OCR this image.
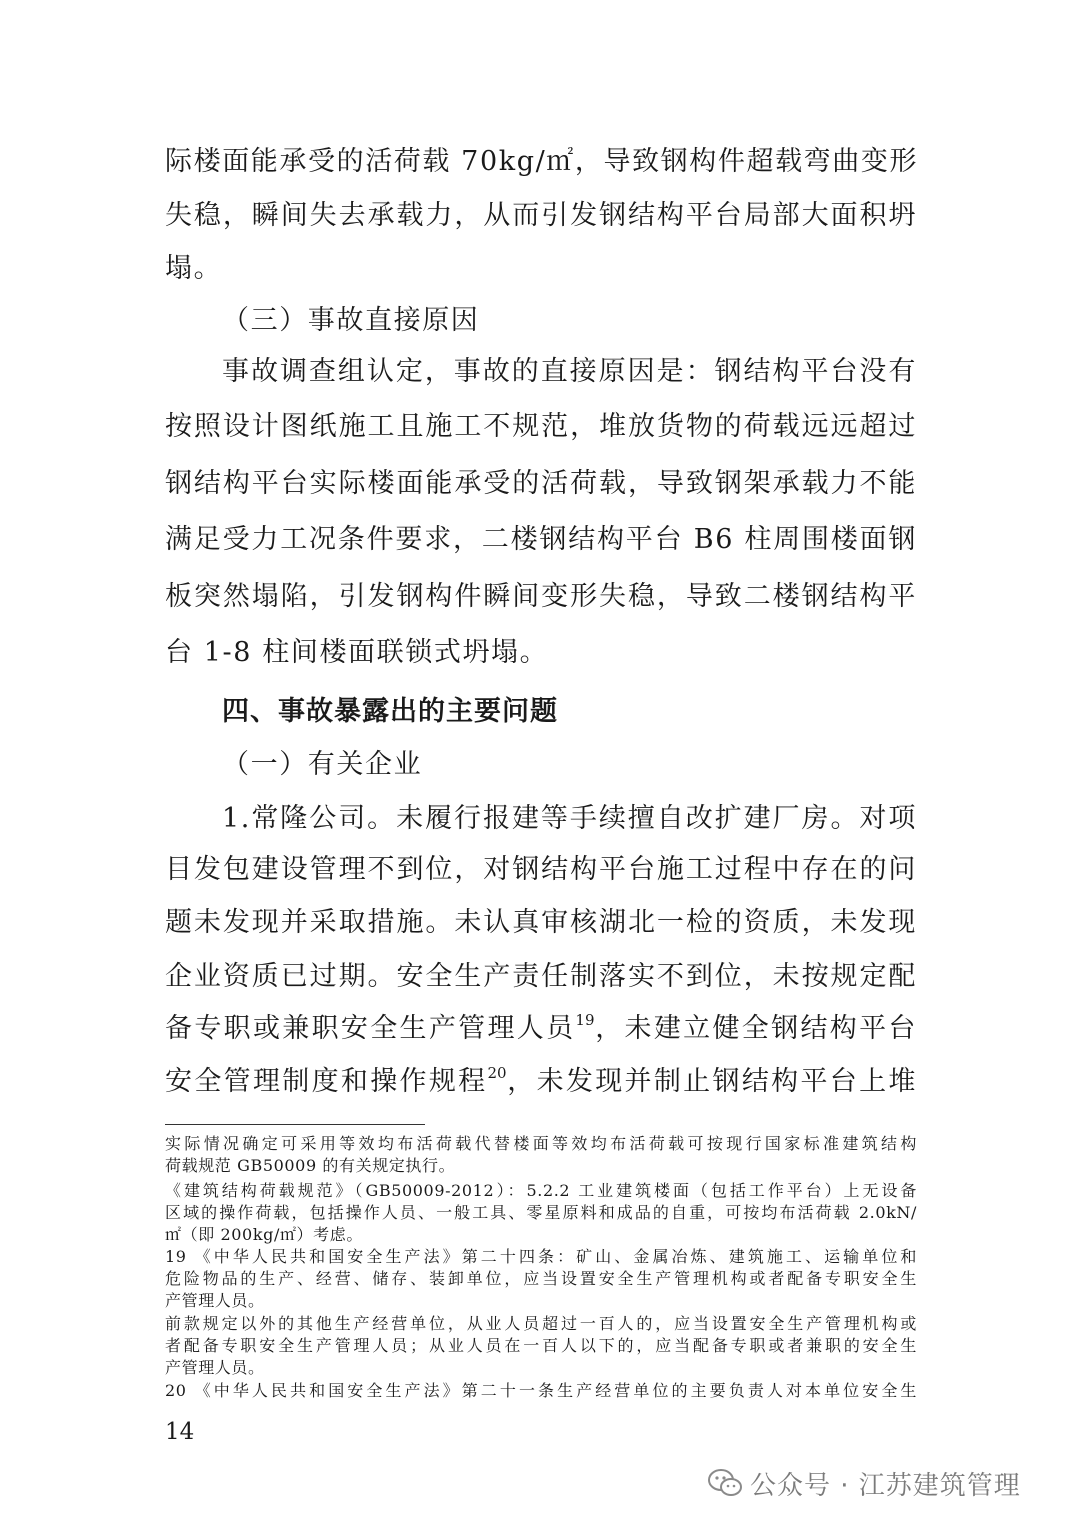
际楼面能承受的活荷载 70kg/㎡，导致钢构件超载弯曲变形
失稳，瞬间失去承载力，从而引发钢结构平台局部大面积坍
塌。
（三）事故直接原因
事故调查组认定，事故的直接原因是：钢结构平台没有
按照设计图纸施工且施工不规范，堆放货物的荷载远远超过
钢结构平台实际楼面能承受的活荷载，导致钢架承载力不能
满足受力工况条件要求，二楼钢结构平台 B6 柱周围楼面钢
板突然塌陷，引发钢构件瞬间变形失稳，导致二楼钢结构平
台 1-8 柱间楼面联锁式坍塌。
四、事故暴露出的主要问题
（一）有关企业
1.常隆公司。未履行报建等手续擅自改扩建厂房。对项
目发包建设管理不到位，对钢结构平台施工过程中存在的问
题未发现并采取措施。未认真审核湖北一检的资质，未发现
企业资质已过期。安全生产责任制落实不到位，未按规定配
备专职或兼职安全生产管理人员$^{19}$，未建立健全钢结构平台
安全管理制度和操作规程$^{20}$，未发现并制止钢结构平台上堆
实际情况确定可采用等效均布活荷载代替楼面等效均布活荷载可按现行国家标准建筑结构
荷载规范 GB50009 的有关规定执行。
《建筑结构荷载规范》（GB50009-2012）：5.2.2 工业建筑楼面（包括工作平台）上无设备
区域的操作荷载，包括操作人员、一般工具、零星原料和成品的自重，可按均布活荷载 2.0kN/
㎡（即 200kg/㎡）考虑。
19 《中华人民共和国安全生产法》第二十四条：矿山、金属冶炼、建筑施工、运输单位和
危险物品的生产、经营、储存、装卸单位，应当设置安全生产管理机构或者配备专职安全生
产管理人员。
前款规定以外的其他生产经营单位，从业人员超过一百人的，应当设置安全生产管理机构或
者配备专职安全生产管理人员；从业人员在一百人以下的，应当配备专职或者兼职的安全生
产管理人员。
20 《中华人民共和国安全生产法》第二十一条生产经营单位的主要负责人对本单位安全生
14
公众号 · 江苏建筑管理
